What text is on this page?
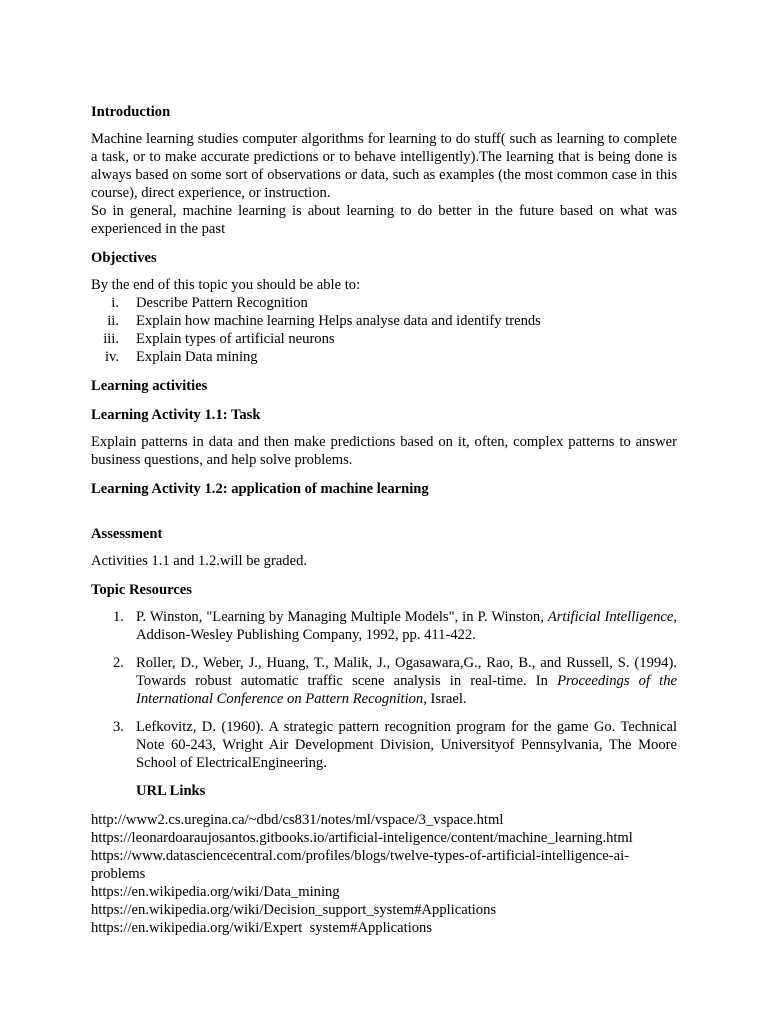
Introduction

Machine learning studies computer algorithms for learning to do stuff( such as learning to complete a task, or to make accurate predictions or to behave intelligently).The learning that is being done is always based on some sort of observations or data, such as examples (the most common case in this course), direct experience, or instruction.

So in general, machine learning is about learning to do better in the future based on what was experienced in the past

Objectives

By the end of this topic you should be able to:

i. Describe Pattern Recognition
ii. Explain how machine learning Helps analyse data and identify trends
iii. Explain types of artificial neurons
iv. Explain Data mining
Learning activities
Learning Activity 1.1: Task

Explain patterns in data and then make predictions based on it, often, complex patterns to answer business questions, and help solve problems.

Learning Activity 1.2: application of machine learning
Assessment

Activities 1.1 and 1.2.will be graded.

Topic Resources
1. P. Winston, "Learning by Managing Multiple Models", in P. Winston, Artificial Intelligence, Addison-Wesley Publishing Company, 1992, pp. 411-422.
2. Roller, D., Weber, J., Huang, T., Malik, J., Ogasawara,G., Rao, B., and Russell, S. (1994). Towards robust automatic traffic scene analysis in real-time. In Proceedings of the International Conference on Pattern Recognition, Israel.
3. Lefkovitz, D. (1960). A strategic pattern recognition program for the game Go. Technical Note 60-243, Wright Air Development Division, Universityof Pennsylvania, The Moore School of ElectricalEngineering.
URL Links
http://www2.cs.uregina.ca/~dbd/cs831/notes/ml/vspace/3_vspace.html
https://leonardoaraujosantos.gitbooks.io/artificial-inteligence/content/machine_learning.html
https://www.datasciencecentral.com/profiles/blogs/twelve-types-of-artificial-intelligence-ai-problems
https://en.wikipedia.org/wiki/Data_mining
https://en.wikipedia.org/wiki/Decision_support_system#Applications
https://en.wikipedia.org/wiki/Expert  system#Applications
